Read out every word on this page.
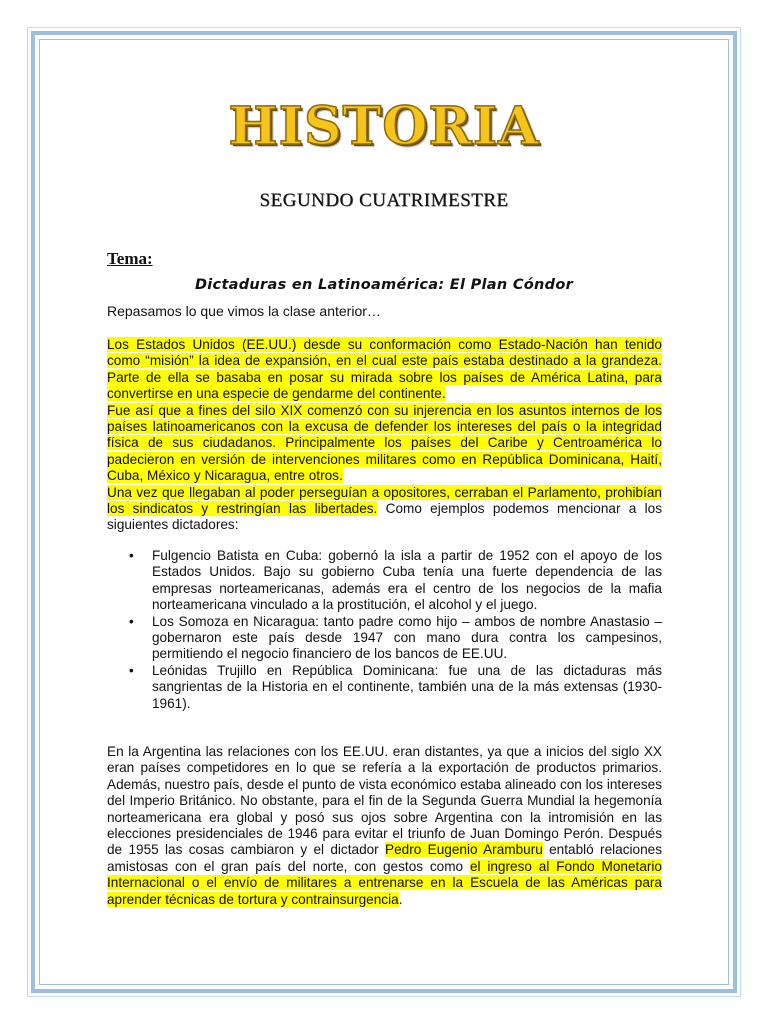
HISTORIA
SEGUNDO CUATRIMESTRE
Tema:
Dictaduras en Latinoamérica: El Plan Cóndor
Repasamos lo que vimos la clase anterior…
Los Estados Unidos (EE.UU.) desde su conformación como Estado-Nación han tenido como “misión” la idea de expansión, en el cual este país estaba destinado a la grandeza. Parte de ella se basaba en posar su mirada sobre los países de América Latina, para convertirse en una especie de gendarme del continente.
Fue así que a fines del silo XIX comenzó con su injerencia en los asuntos internos de los países latinoamericanos con la excusa de defender los intereses del país o la integridad física de sus ciudadanos. Principalmente los países del Caribe y Centroamérica lo padecieron en versión de intervenciones militares como en República Dominicana, Haití, Cuba, México y Nicaragua, entre otros.
Una vez que llegaban al poder perseguían a opositores, cerraban el Parlamento, prohibían los sindicatos y restringían las libertades. Como ejemplos podemos mencionar a los siguientes dictadores:
• Fulgencio Batista en Cuba: gobernó la isla a partir de 1952 con el apoyo de los Estados Unidos. Bajo su gobierno Cuba tenía una fuerte dependencia de las empresas norteamericanas, además era el centro de los negocios de la mafia norteamericana vinculado a la prostitución, el alcohol y el juego.
• Los Somoza en Nicaragua: tanto padre como hijo – ambos de nombre Anastasio – gobernaron este país desde 1947 con mano dura contra los campesinos, permitiendo el negocio financiero de los bancos de EE.UU.
• Leónidas Trujillo en República Dominicana: fue una de las dictaduras más sangrientas de la Historia en el continente, también una de la más extensas (1930-1961).
En la Argentina las relaciones con los EE.UU. eran distantes, ya que a inicios del siglo XX eran países competidores en lo que se refería a la exportación de productos primarios. Además, nuestro país, desde el punto de vista económico estaba alineado con los intereses del Imperio Británico. No obstante, para el fin de la Segunda Guerra Mundial la hegemonía norteamericana era global y posó sus ojos sobre Argentina con la intromisión en las elecciones presidenciales de 1946 para evitar el triunfo de Juan Domingo Perón. Después de 1955 las cosas cambiaron y el dictador Pedro Eugenio Aramburu entabló relaciones amistosas con el gran país del norte, con gestos como el ingreso al Fondo Monetario Internacional o el envío de militares a entrenarse en la Escuela de las Américas para aprender técnicas de tortura y contrainsurgencia.
